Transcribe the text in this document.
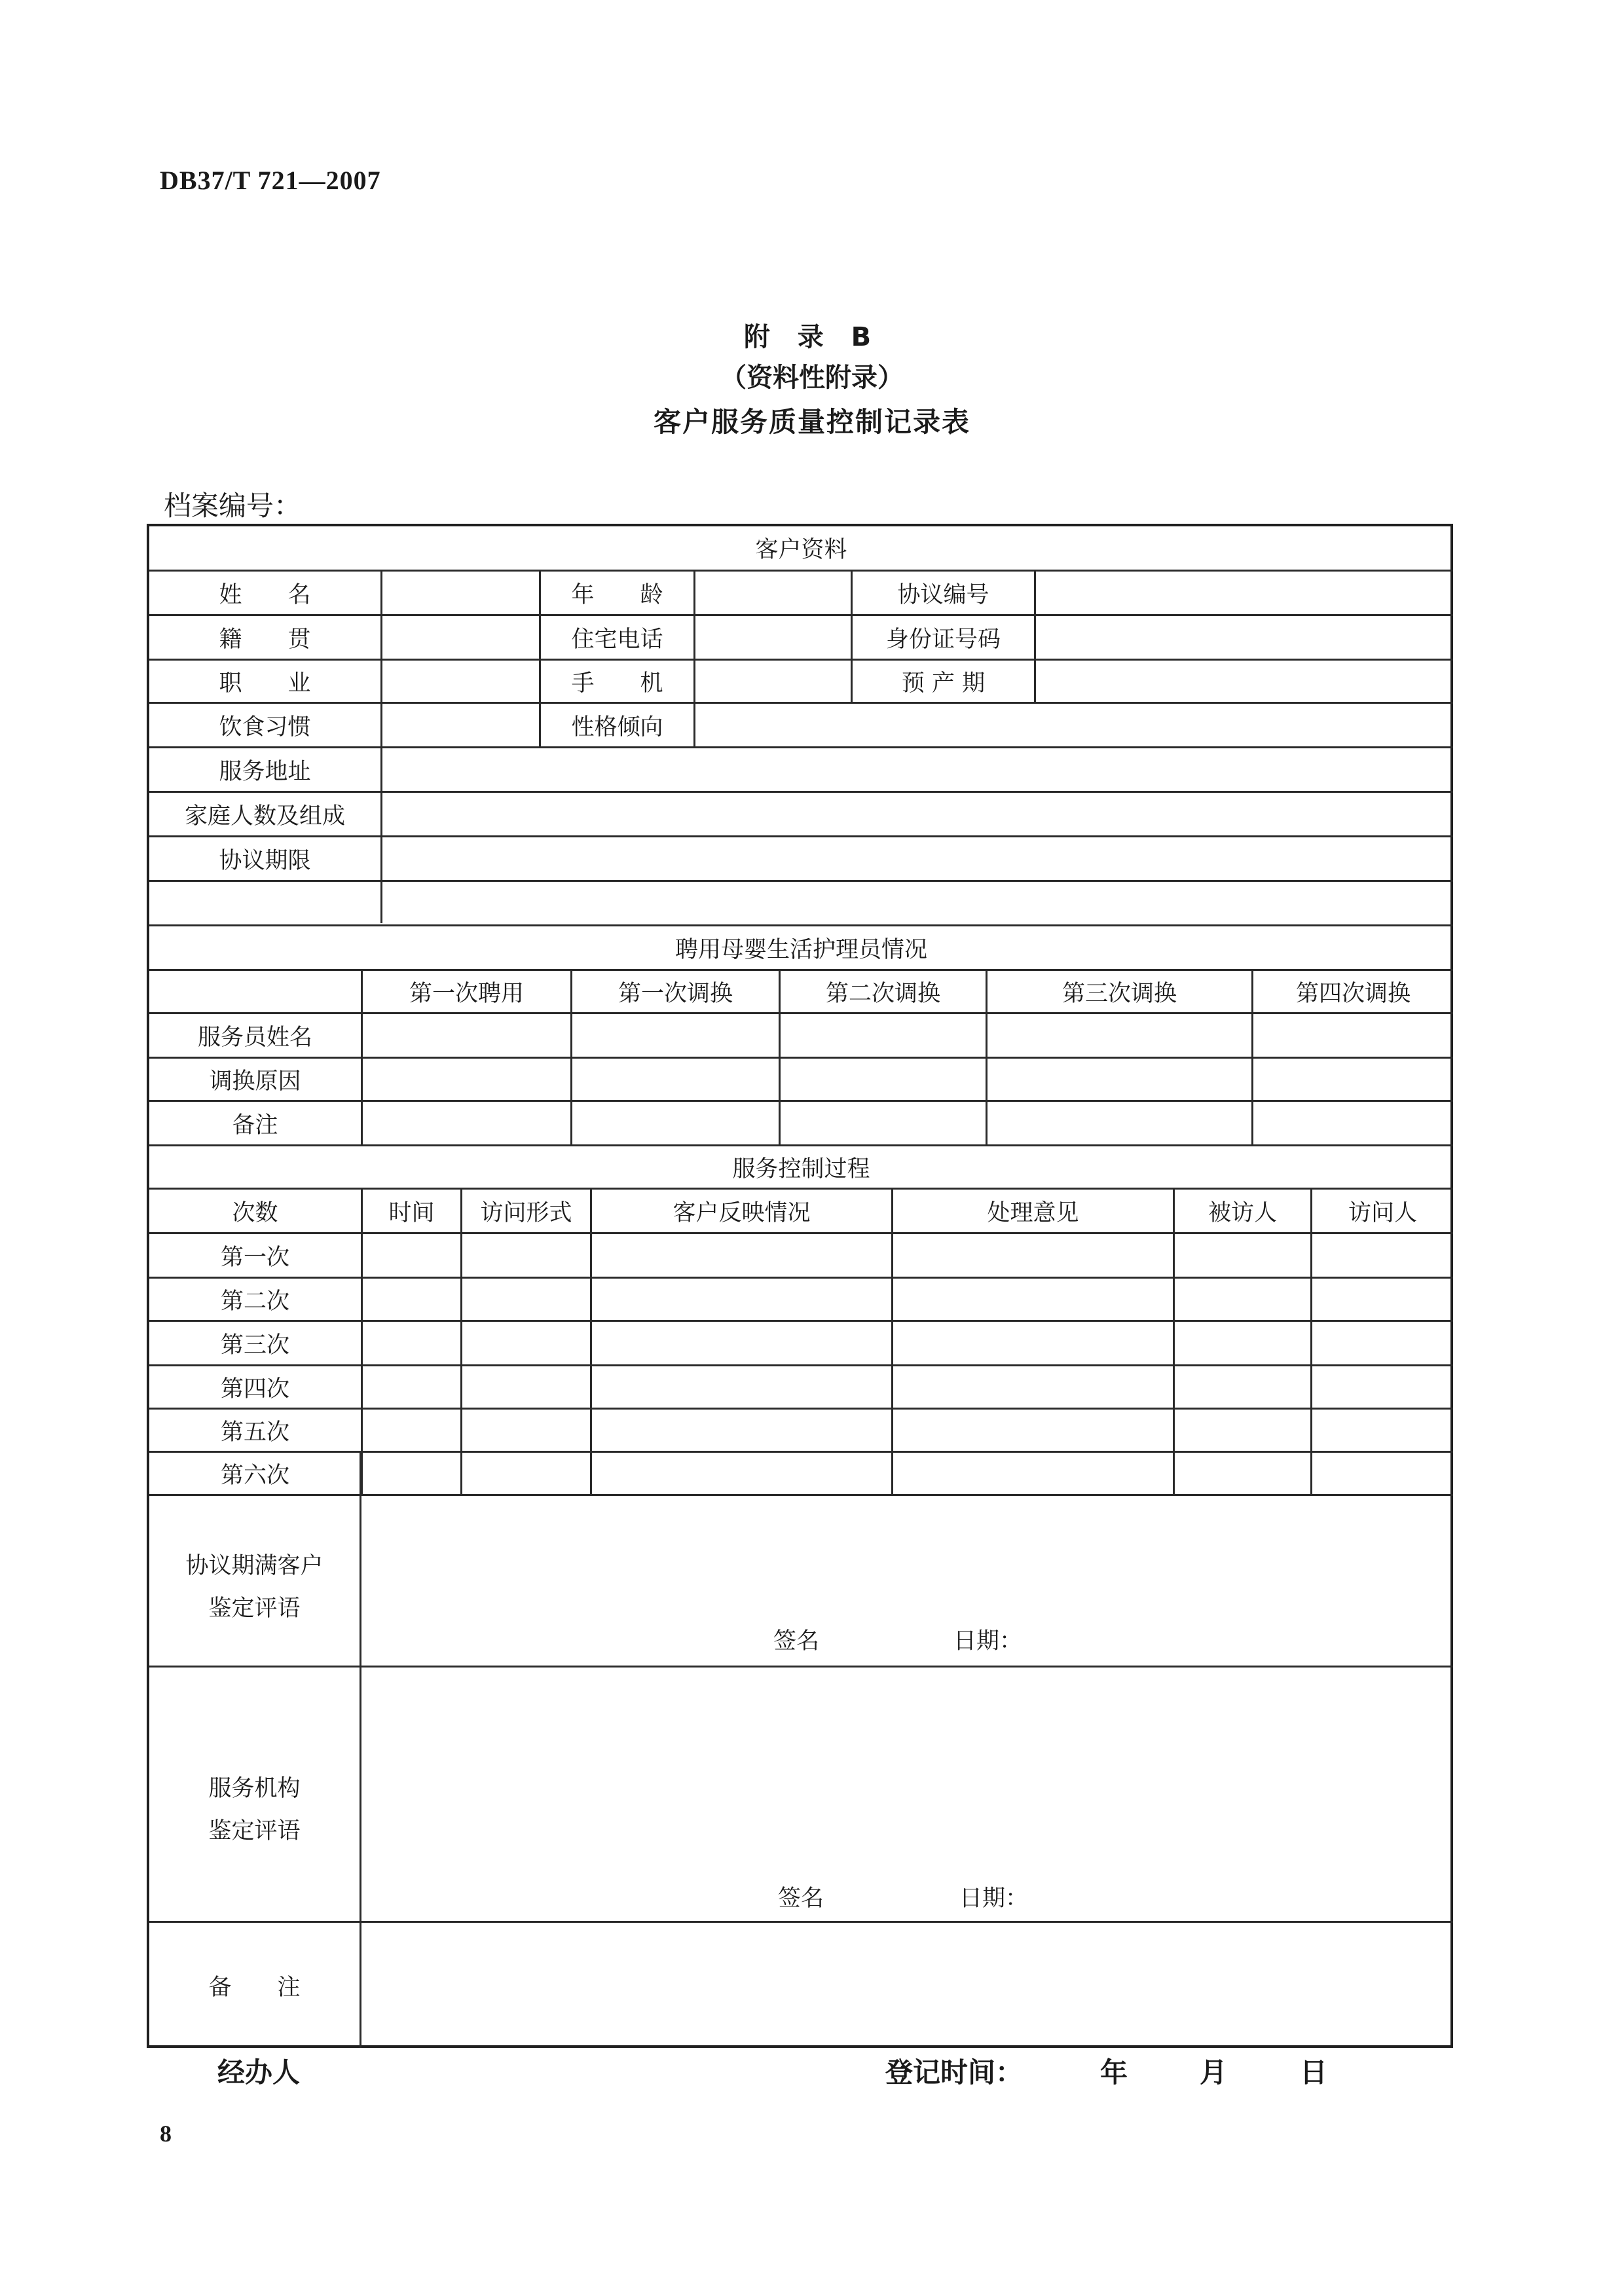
DB37/T 721—2007
附 录 B
（资料性附录）
客户服务质量控制记录表
档案编号：
客户资料
姓　　名	年　　龄	协议编号
籍　　贯	住宅电话	身份证号码
职　　业	手　　机	预 产 期
饮食习惯	性格倾向
服务地址
家庭人数及组成
协议期限
聘用母婴生活护理员情况
第一次聘用	第一次调换	第二次调换	第三次调换	第四次调换
服务员姓名
调换原因
备注
服务控制过程
次数	时间	访问形式	客户反映情况	处理意见	被访人	访问人
第一次
第二次
第三次
第四次
第五次
第六次
协议期满客户
鉴定评语
签名	日期：
服务机构
鉴定评语
签名	日期：
备　　注
经办人	登记时间：	年	月	日
8
